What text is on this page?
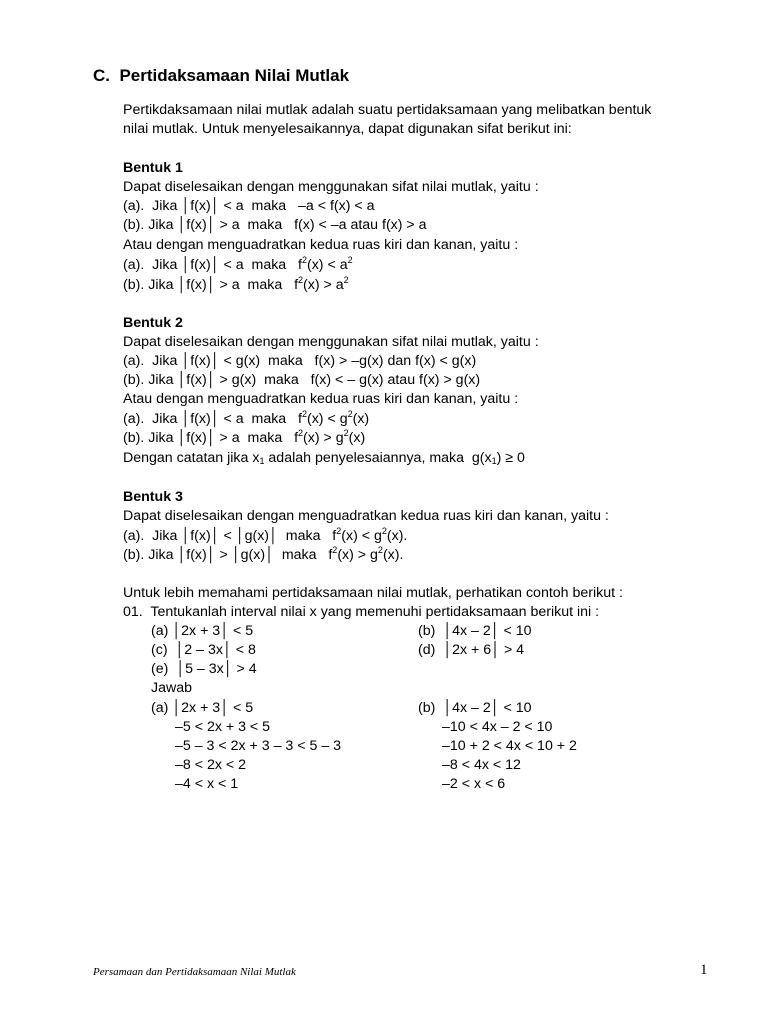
C.  Pertidaksamaan Nilai Mutlak
Pertikdaksamaan nilai mutlak adalah suatu pertidaksamaan yang melibatkan bentuk
nilai mutlak. Untuk menyelesaikannya, dapat digunakan sifat berikut ini:
Bentuk 1
Dapat diselesaikan dengan menggunakan sifat nilai mutlak, yaitu :
(a).  Jika │f(x)│ < a  maka   –a < f(x) < a
(b). Jika │f(x)│ > a  maka   f(x) < –a atau f(x) > a
Atau dengan menguadratkan kedua ruas kiri dan kanan, yaitu :
(a).  Jika │f(x)│ < a  maka   $f^2(x) < a^2$
(b). Jika │f(x)│ > a  maka   $f^2(x) > a^2$
Bentuk 2
Dapat diselesaikan dengan menggunakan sifat nilai mutlak, yaitu :
(a).  Jika │f(x)│ < g(x)  maka   f(x) > –g(x) dan f(x) < g(x)
(b). Jika │f(x)│ > g(x)  maka   f(x) < – g(x) atau f(x) > g(x)
Atau dengan menguadratkan kedua ruas kiri dan kanan, yaitu :
(a).  Jika │f(x)│ < a  maka   $f^2(x) < g^2(x)$
(b). Jika │f(x)│ > a  maka   $f^2(x) > g^2(x)$
Dengan catatan jika $x_1$ adalah penyelesaiannya, maka  $g(x_1) \ge 0$
Bentuk 3
Dapat diselesaikan dengan menguadratkan kedua ruas kiri dan kanan, yaitu :
(a).  Jika │f(x)│ < │g(x)│  maka   $f^2(x) < g^2(x)$.
(b). Jika │f(x)│ > │g(x)│  maka   $f^2(x) > g^2(x)$.
Untuk lebih memahami pertidaksamaan nilai mutlak, perhatikan contoh berikut :
01.  Tentukanlah interval nilai x yang memenuhi pertidaksamaan berikut ini :
(a) │2x + 3│ < 5	(b)  │4x – 2│ < 10
(c)  │2 – 3x│ < 8	(d)  │2x + 6│ > 4
(e)  │5 – 3x│ > 4
Jawab
(a) │2x + 3│ < 5	(b)  │4x – 2│ < 10
–5 < 2x + 3 < 5	–10 < 4x – 2 < 10
–5 – 3 < 2x + 3 – 3 < 5 – 3	–10 + 2 < 4x < 10 + 2
–8 < 2x < 2	–8 < 4x < 12
–4 < x < 1	–2 < x < 6
Persamaan dan Pertidaksamaan Nilai Mutlak	1
